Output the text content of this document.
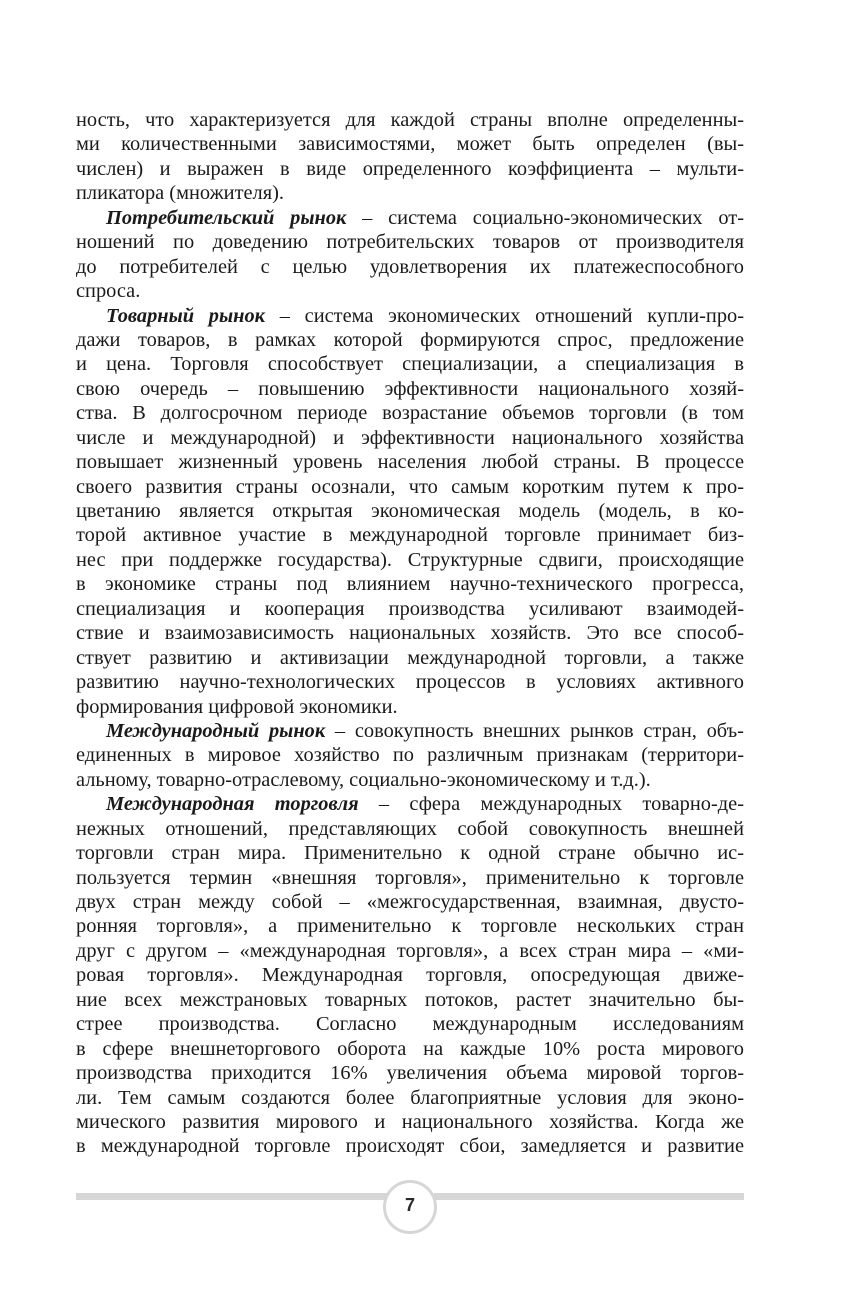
ность, что характеризуется для каждой страны вполне определенны-
ми количественными зависимостями, может быть определен (вы-
числен) и выражен в виде определенного коэффициента – мульти-
пликатора (множителя).
Потребительский рынок – система социально-экономических от-
ношений по доведению потребительских товаров от производителя
до потребителей с целью удовлетворения их платежеспособного
спроса.
Товарный рынок – система экономических отношений купли-про-
дажи товаров, в рамках которой формируются спрос, предложение
и цена. Торговля способствует специализации, а специализация в
свою очередь – повышению эффективности национального хозяй-
ства. В долгосрочном периоде возрастание объемов торговли (в том
числе и международной) и эффективности национального хозяйства
повышает жизненный уровень населения любой страны. В процессе
своего развития страны осознали, что самым коротким путем к про-
цветанию является открытая экономическая модель (модель, в ко-
торой активное участие в международной торговле принимает биз-
нес при поддержке государства). Структурные сдвиги, происходящие
в экономике страны под влиянием научно-технического прогресса,
специализация и кооперация производства усиливают взаимодей-
ствие и взаимозависимость национальных хозяйств. Это все способ-
ствует развитию и активизации международной торговли, а также
развитию научно-технологических процессов в условиях активного
формирования цифровой экономики.
Международный рынок – совокупность внешних рынков стран, объ-
единенных в мировое хозяйство по различным признакам (территори-
альному, товарно-отраслевому, социально-экономическому и т.д.).
Международная торговля – сфера международных товарно-де-
нежных отношений, представляющих собой совокупность внешней
торговли стран мира. Применительно к одной стране обычно ис-
пользуется термин «внешняя торговля», применительно к торговле
двух стран между собой – «межгосударственная, взаимная, двусто-
ронняя торговля», а применительно к торговле нескольких стран
друг с другом – «международная торговля», а всех стран мира – «ми-
ровая торговля». Международная торговля, опосредующая движе-
ние всех межстрановых товарных потоков, растет значительно бы-
стрее производства. Согласно международным исследованиям
в сфере внешнеторгового оборота на каждые 10% роста мирового
производства приходится 16% увеличения объема мировой торгов-
ли. Тем самым создаются более благоприятные условия для эконо-
мического развития мирового и национального хозяйства. Когда же
в международной торговле происходят сбои, замедляется и развитие
7
